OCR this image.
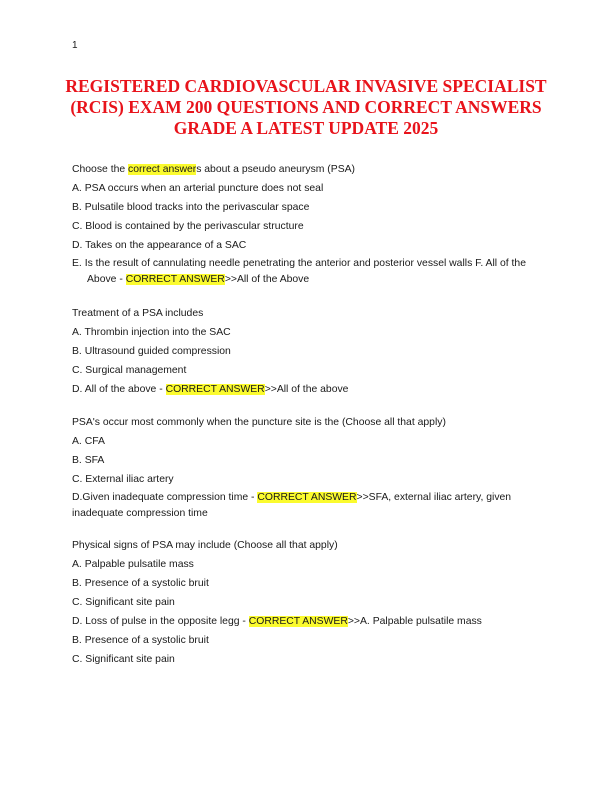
1
REGISTERED CARDIOVASCULAR INVASIVE SPECIALIST
(RCIS) EXAM 200 QUESTIONS AND CORRECT ANSWERS
GRADE A LATEST UPDATE 2025

Choose the correct answers about a pseudo aneurysm (PSA)

A. PSA occurs when an arterial puncture does not seal

B. Pulsatile blood tracks into the perivascular space

C. Blood is contained by the perivascular structure

D. Takes on the appearance of a SAC

E. Is the result of cannulating needle penetrating the anterior and posterior vessel walls F. All of the Above - CORRECT ANSWER>>All of the Above

Treatment of a PSA includes

A. Thrombin injection into the SAC

B. Ultrasound guided compression

C. Surgical management

D. All of the above - CORRECT ANSWER>>All of the above

PSA's occur most commonly when the puncture site is the (Choose all that apply)

A. CFA

B. SFA

C. External iliac artery

D.Given inadequate compression time - CORRECT ANSWER>>SFA, external iliac artery, given inadequate compression time

Physical signs of PSA may include (Choose all that apply)

A. Palpable pulsatile mass

B. Presence of a systolic bruit

C. Significant site pain

D. Loss of pulse in the opposite legg - CORRECT ANSWER>>A. Palpable pulsatile mass

B. Presence of a systolic bruit

C. Significant site pain
